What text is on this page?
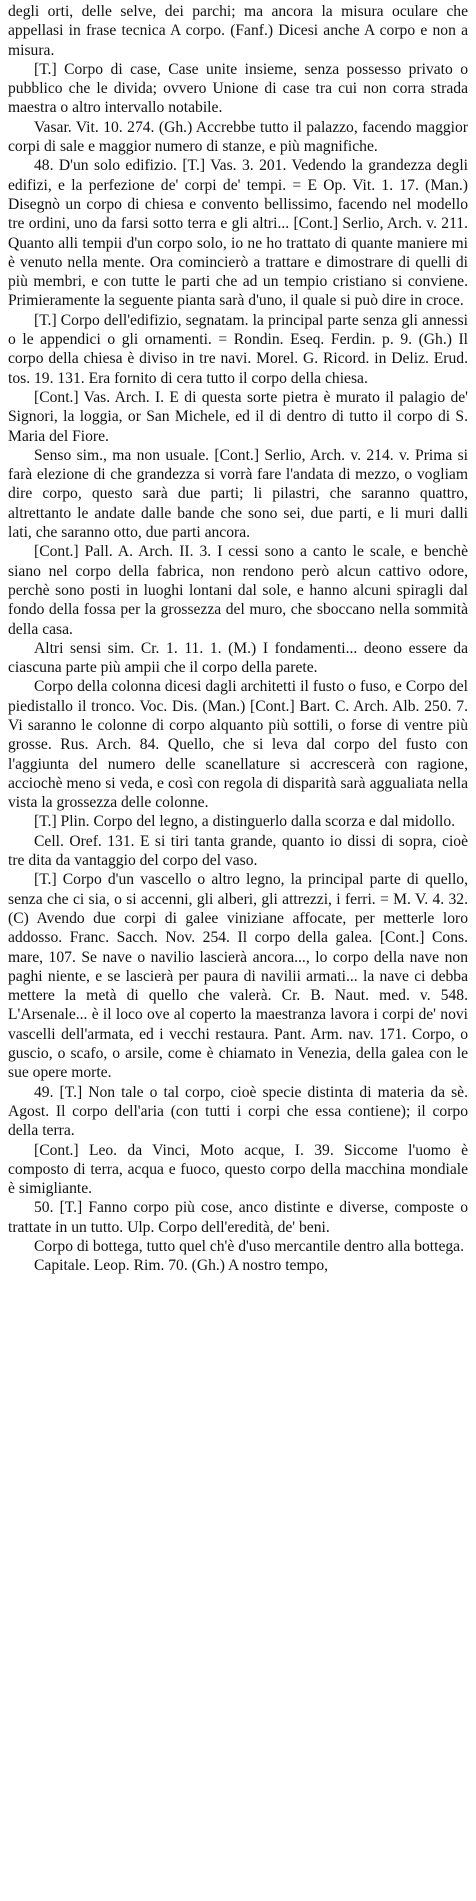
degli orti, delle selve, dei parchi; ma ancora la misura oculare che appellasi in frase tecnica A corpo. (Fanf.) Dicesi anche A corpo e non a misura.

[T.] Corpo di case, Case unite insieme, senza possesso privato o pubblico che le divida; ovvero Unione di case tra cui non corra strada maestra o altro intervallo notabile.

Vasar. Vit. 10. 274. (Gh.) Accrebbe tutto il palazzo, facendo maggior corpi di sale e maggior numero di stanze, e più magnifiche.

48. D'un solo edifizio. [T.] Vas. 3. 201. Vedendo la grandezza degli edifizi, e la perfezione de' corpi de' tempi. = E Op. Vit. 1. 17. (Man.) Disegnò un corpo di chiesa e convento bellissimo, facendo nel modello tre ordini, uno da farsi sotto terra e gli altri... [Cont.] Serlio, Arch. v. 211. Quanto alli tempii d'un corpo solo, io ne ho trattato di quante maniere mi è venuto nella mente. Ora comincierò a trattare e dimostrare di quelli di più membri, e con tutte le parti che ad un tempio cristiano si conviene. Primieramente la seguente pianta sarà d'uno, il quale si può dire in croce.

[T.] Corpo dell'edifizio, segnatam. la principal parte senza gli annessi o le appendici o gli ornamenti. = Rondin. Eseq. Ferdin. p. 9. (Gh.) Il corpo della chiesa è diviso in tre navi. Morel. G. Ricord. in Deliz. Erud. tos. 19. 131. Era fornito di cera tutto il corpo della chiesa.

[Cont.] Vas. Arch. I. E di questa sorte pietra è murato il palagio de' Signori, la loggia, or San Michele, ed il di dentro di tutto il corpo di S. Maria del Fiore.

Senso sim., ma non usuale. [Cont.] Serlio, Arch. v. 214. v. Prima si farà elezione di che grandezza si vorrà fare l'andata di mezzo, o vogliam dire corpo, questo sarà due parti; li pilastri, che saranno quattro, altrettanto le andate dalle bande che sono sei, due parti, e li muri dalli lati, che saranno otto, due parti ancora.

[Cont.] Pall. A. Arch. II. 3. I cessi sono a canto le scale, e benchè siano nel corpo della fabrica, non rendono però alcun cattivo odore, perchè sono posti in luoghi lontani dal sole, e hanno alcuni spiragli dal fondo della fossa per la grossezza del muro, che sboccano nella sommità della casa.

Altri sensi sim. Cr. 1. 11. 1. (M.) I fondamenti... deono essere da ciascuna parte più ampii che il corpo della parete.

Corpo della colonna dicesi dagli architetti il fusto o fuso, e Corpo del piedistallo il tronco. Voc. Dis. (Man.) [Cont.] Bart. C. Arch. Alb. 250. 7. Vi saranno le colonne di corpo alquanto più sottili, o forse di ventre più grosse. Rus. Arch. 84. Quello, che si leva dal corpo del fusto con l'aggiunta del numero delle scanellature si accrescerà con ragione, acciochè meno si veda, e così con regola di disparità sarà aggualiata nella vista la grossezza delle colonne.

[T.] Plin. Corpo del legno, a distinguerlo dalla scorza e dal midollo.

Cell. Oref. 131. E si tiri tanta grande, quanto io dissi di sopra, cioè tre dita da vantaggio del corpo del vaso.

[T.] Corpo d'un vascello o altro legno, la principal parte di quello, senza che ci sia, o si accenni, gli alberi, gli attrezzi, i ferri. = M. V. 4. 32. (C) Avendo due corpi di galee viniziane affocate, per metterle loro addosso. Franc. Sacch. Nov. 254. Il corpo della galea. [Cont.] Cons. mare, 107. Se nave o navilio lascierà ancora..., lo corpo della nave non paghi niente, e se lascierà per paura di navilii armati... la nave ci debba mettere la metà di quello che valerà. Cr. B. Naut. med. v. 548. L'Arsenale... è il loco ove al coperto la maestranza lavora i corpi de' novi vascelli dell'armata, ed i vecchi restaura. Pant. Arm. nav. 171. Corpo, o guscio, o scafo, o arsile, come è chiamato in Venezia, della galea con le sue opere morte.

49. [T.] Non tale o tal corpo, cioè specie distinta di materia da sè. Agost. Il corpo dell'aria (con tutti i corpi che essa contiene); il corpo della terra.

[Cont.] Leo. da Vinci, Moto acque, I. 39. Siccome l'uomo è composto di terra, acqua e fuoco, questo corpo della macchina mondiale è simigliante.

50. [T.] Fanno corpo più cose, anco distinte e diverse, composte o trattate in un tutto. Ulp. Corpo dell'eredità, de' beni.

Corpo di bottega, tutto quel ch'è d'uso mercantile dentro alla bottega.

Capitale. Leop. Rim. 70. (Gh.) A nostro tempo,
